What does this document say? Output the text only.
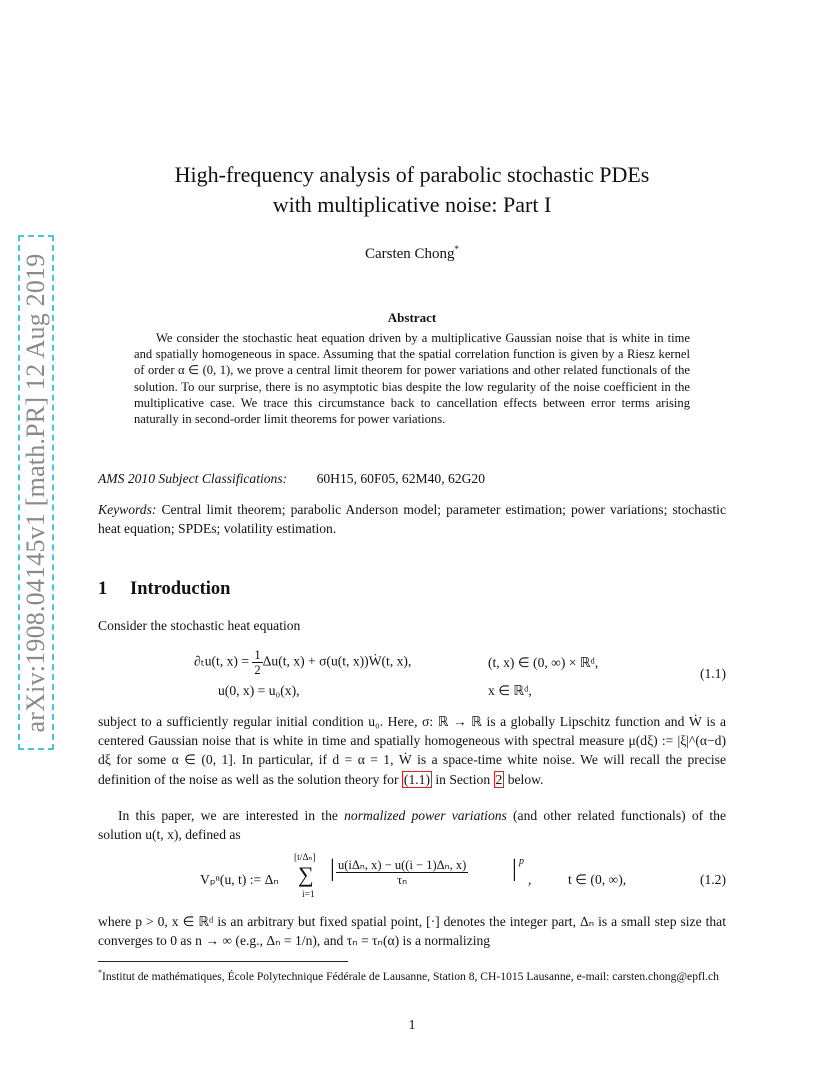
arXiv:1908.04145v1 [math.PR] 12 Aug 2019
High-frequency analysis of parabolic stochastic PDEs
with multiplicative noise: Part I
Carsten Chong*
Abstract
We consider the stochastic heat equation driven by a multiplicative Gaussian noise that is white in time and spatially homogeneous in space. Assuming that the spatial correlation function is given by a Riesz kernel of order α ∈ (0, 1), we prove a central limit theorem for power variations and other related functionals of the solution. To our surprise, there is no asymptotic bias despite the low regularity of the noise coefficient in the multiplicative case. We trace this circumstance back to cancellation effects between error terms arising naturally in second-order limit theorems for power variations.
AMS 2010 Subject Classifications: 60H15, 60F05, 62M40, 62G20
Keywords: Central limit theorem; parabolic Anderson model; parameter estimation; power variations; stochastic heat equation; SPDEs; volatility estimation.
1 Introduction
Consider the stochastic heat equation
∂ₜu(t, $x) = \frac{1}{2} \Delta u(t$, x) + σ(u(t, x))Ẇ(t, x),	(t, x) ∈ (0, ∞) × ℝᵈ,
u(0, x) = u₀(x),	x ∈ ℝᵈ,
(1.1)
subject to a sufficiently regular initial condition u₀. Here, σ: ℝ → ℝ is a globally Lipschitz function and Ẇ is a centered Gaussian noise that is white in time and spatially homogeneous with spectral measure μ(dξ) := |ξ|^(α−d) dξ for some α ∈ (0, 1]. In particular, if d = α = 1, Ẇ is a space-time white noise. We will recall the precise definition of the noise as well as the solution theory for (1.1) in Section 2 below.
In this paper, we are interested in the normalized power variations (and other related functionals) of the solution u(t, x), defined as
Vₚⁿ(u, t) := Δₙ
[t/Δₙ]
∑
i=1
| $\frac{\text{u(iΔₙ, x) − u((i − 1)Δₙ, x)}}{\text{τₙ}}$ | p
,	t ∈ (0, ∞),	(1.2)
where p > 0, x ∈ ℝᵈ is an arbitrary but fixed spatial point, [·] denotes the integer part, Δₙ is a small step size that converges to 0 as n → ∞ (e.g., Δₙ = 1/n), and τₙ = τₙ(α) is a normalizing
*Institut de mathématiques, École Polytechnique Fédérale de Lausanne, Station 8, CH-1015 Lausanne, e-mail: carsten.chong@epfl.ch
1
